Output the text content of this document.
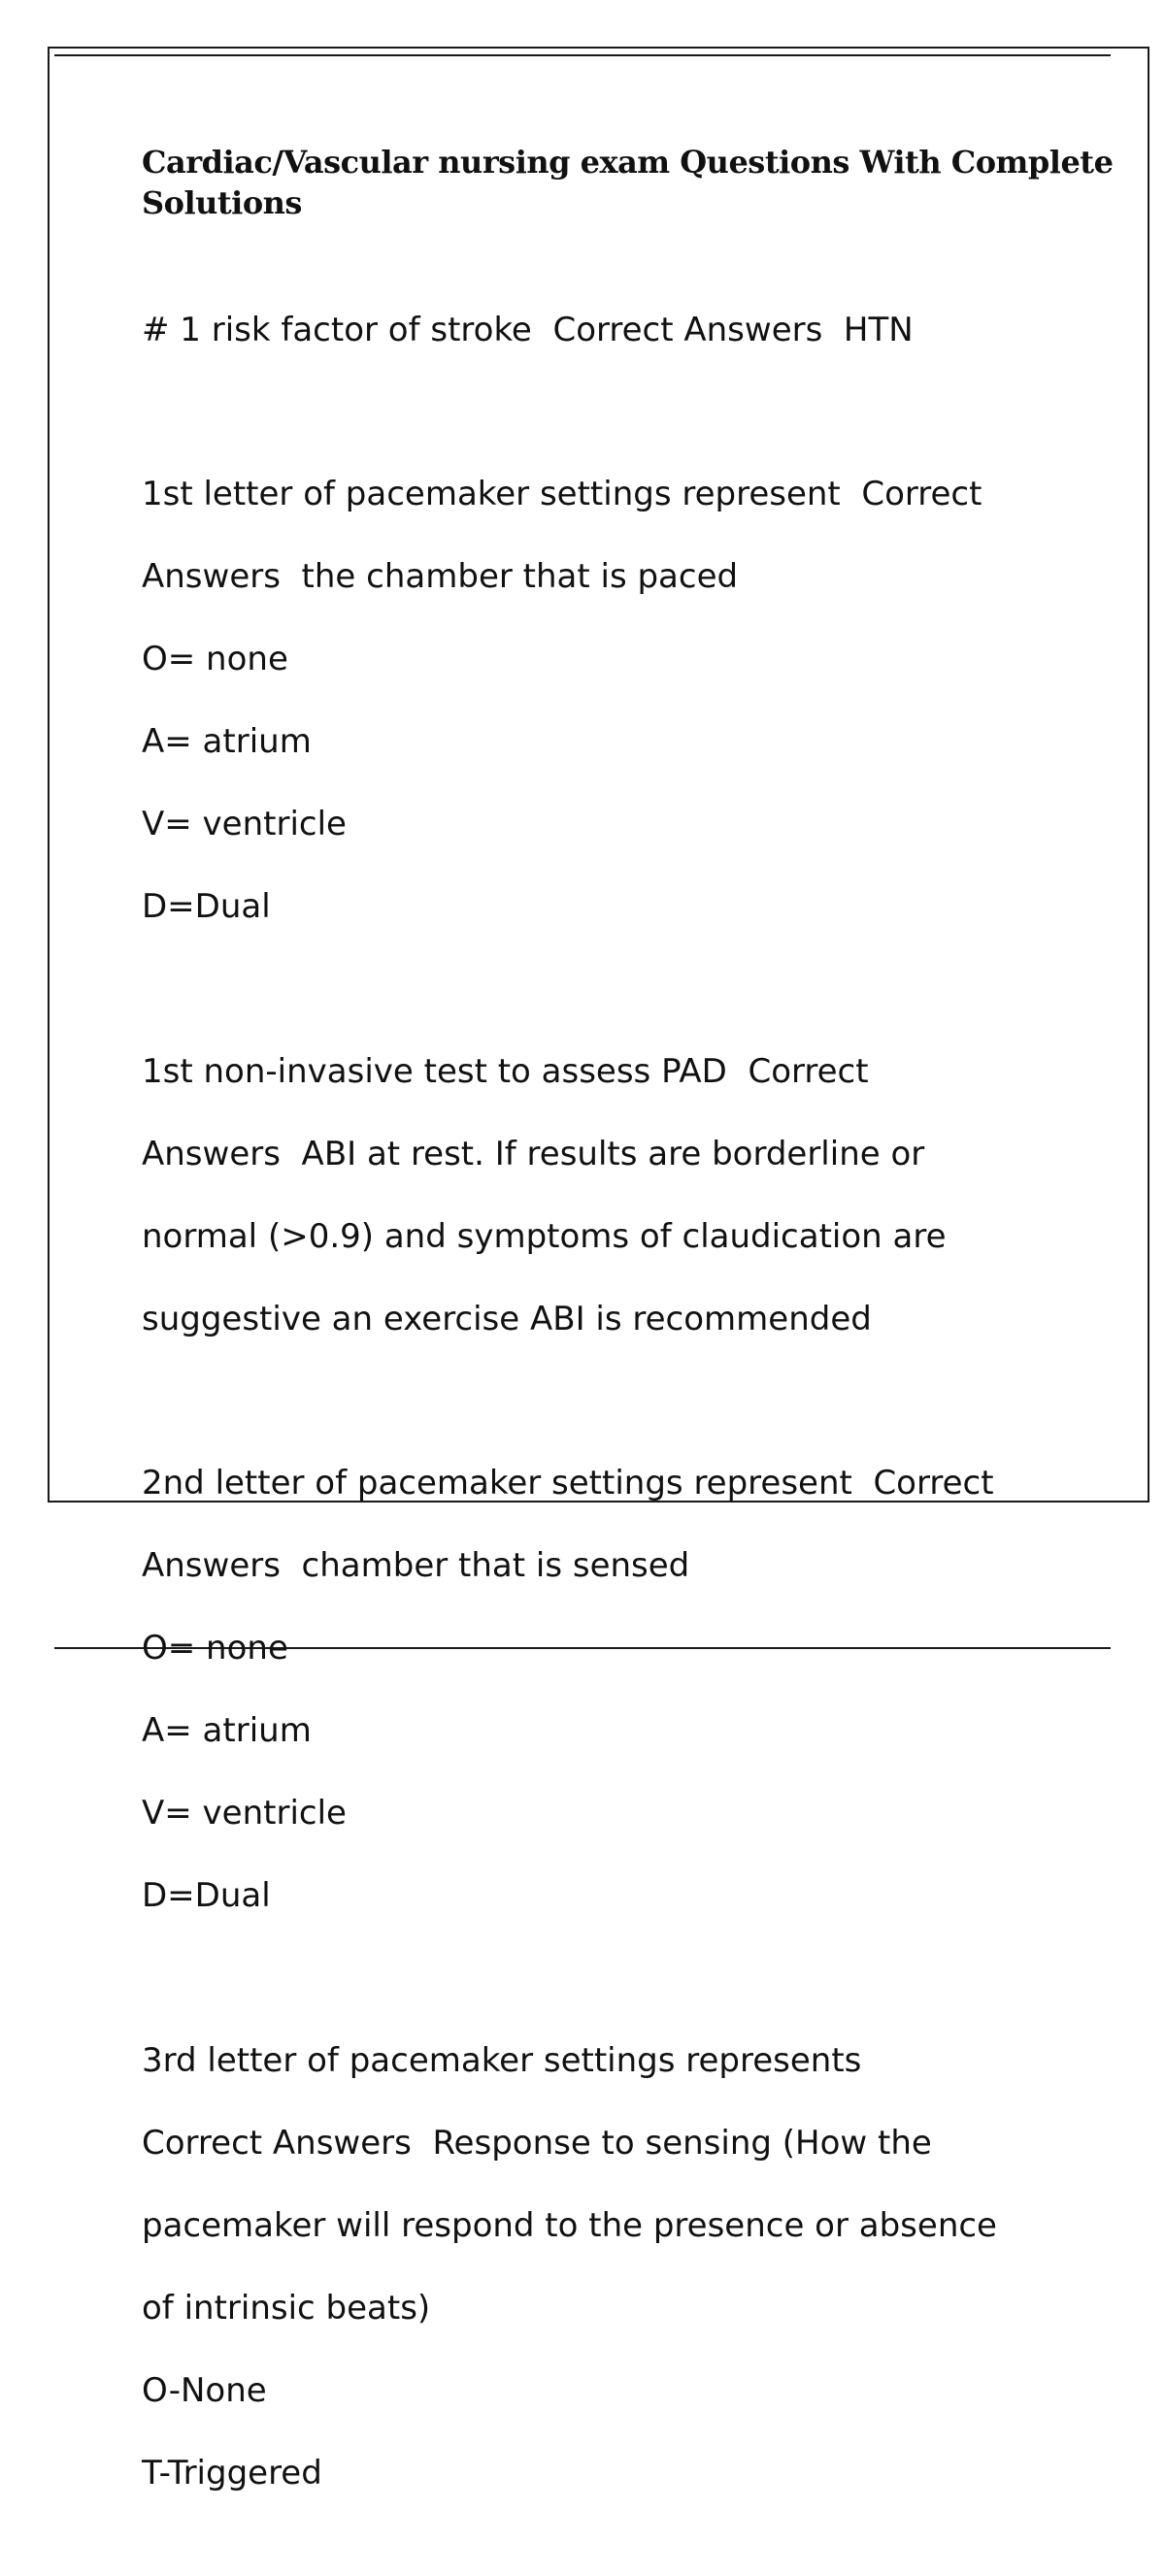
Cardiac/Vascular nursing exam Questions With Complete
Solutions

# 1 risk factor of stroke  Correct Answers  HTN

1st letter of pacemaker settings represent  Correct

Answers  the chamber that is paced

O= none

A= atrium

V= ventricle

D=Dual

1st non-invasive test to assess PAD  Correct

Answers  ABI at rest. If results are borderline or

normal (>0.9) and symptoms of claudication are

suggestive an exercise ABI is recommended

2nd letter of pacemaker settings represent  Correct

Answers  chamber that is sensed

O= none

A= atrium

V= ventricle

D=Dual

3rd letter of pacemaker settings represents

Correct Answers  Response to sensing (How the

pacemaker will respond to the presence or absence

of intrinsic beats)

O-None

T-Triggered
